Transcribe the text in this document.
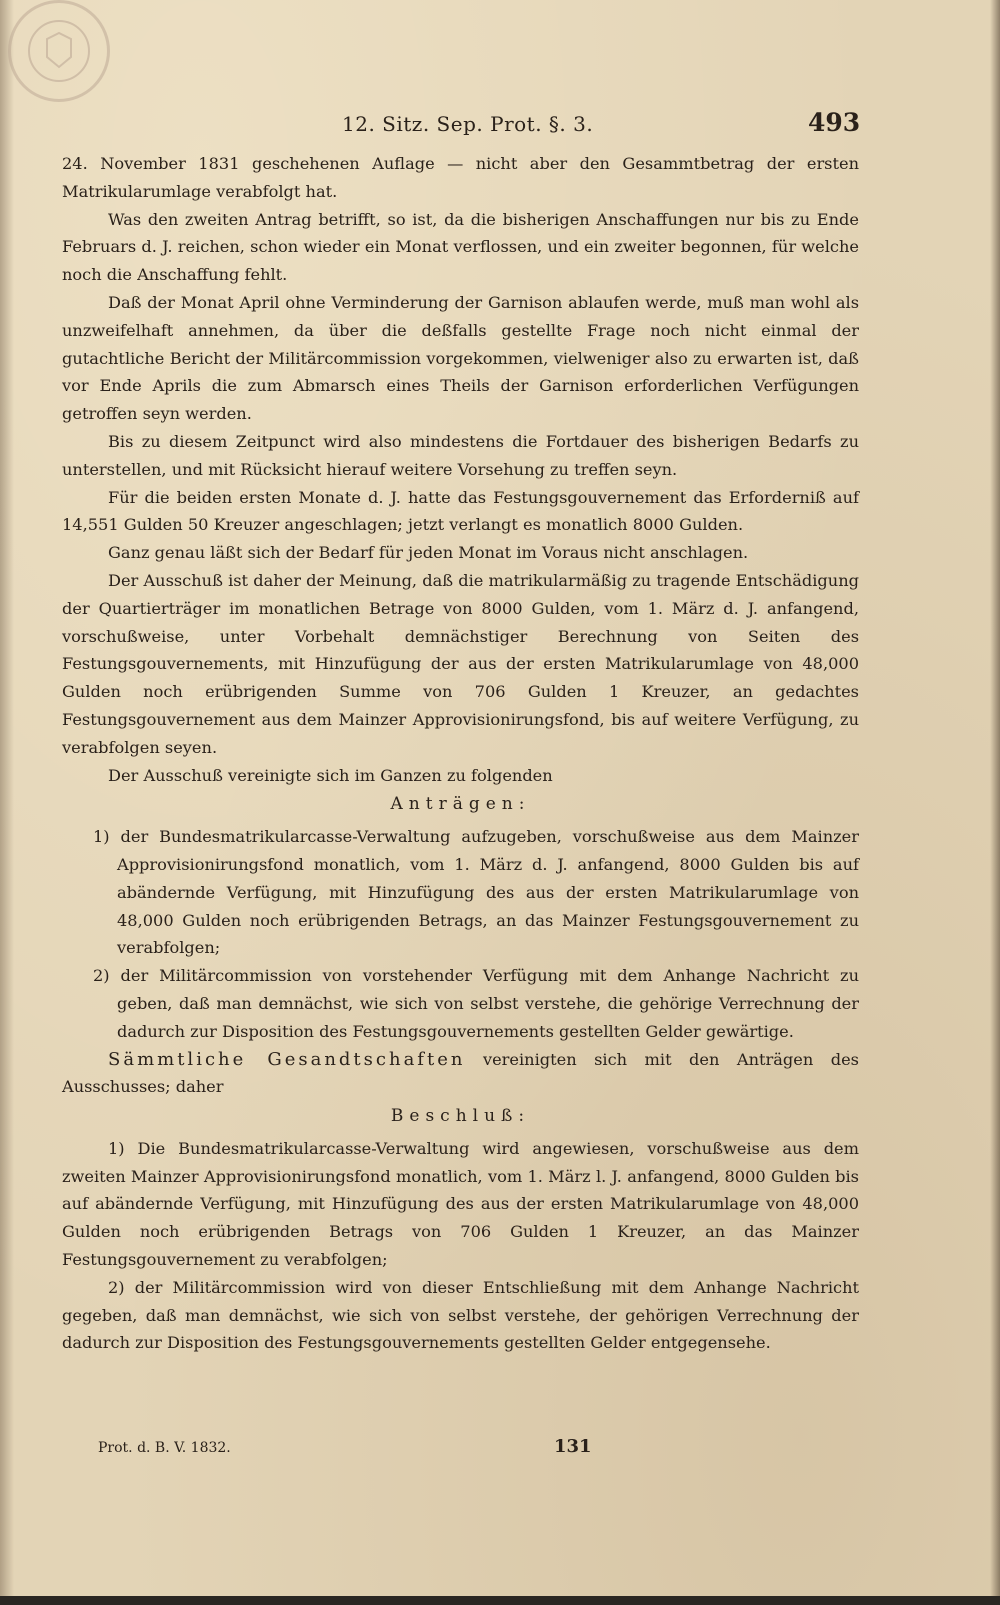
12. Sitz. Sep. Prot. §. 3.	493

24. November 1831 geschehenen Auflage — nicht aber den Gesammtbetrag der ersten Matrikularumlage verabfolgt hat.

Was den zweiten Antrag betrifft, so ist, da die bisherigen Anschaffungen nur bis zu Ende Februars d. J. reichen, schon wieder ein Monat verflossen, und ein zweiter begonnen, für welche noch die Anschaffung fehlt.

Daß der Monat April ohne Verminderung der Garnison ablaufen werde, muß man wohl als unzweifelhaft annehmen, da über die deßfalls gestellte Frage noch nicht einmal der gutachtliche Bericht der Militärcommission vorgekommen, vielweniger also zu erwarten ist, daß vor Ende Aprils die zum Abmarsch eines Theils der Garnison erforderlichen Verfügungen getroffen seyn werden.

Bis zu diesem Zeitpunct wird also mindestens die Fortdauer des bisherigen Bedarfs zu unterstellen, und mit Rücksicht hierauf weitere Vorsehung zu treffen seyn.

Für die beiden ersten Monate d. J. hatte das Festungsgouvernement das Erforderniß auf 14,551 Gulden 50 Kreuzer angeschlagen; jetzt verlangt es monatlich 8000 Gulden.

Ganz genau läßt sich der Bedarf für jeden Monat im Voraus nicht anschlagen.

Der Ausschuß ist daher der Meinung, daß die matrikularmäßig zu tragende Entschädigung der Quartierträger im monatlichen Betrage von 8000 Gulden, vom 1. März d. J. anfangend, vorschußweise, unter Vorbehalt demnächstiger Berechnung von Seiten des Festungsgouvernements, mit Hinzufügung der aus der ersten Matrikularumlage von 48,000 Gulden noch erübrigenden Summe von 706 Gulden 1 Kreuzer, an gedachtes Festungsgouvernement aus dem Mainzer Approvisionirungsfond, bis auf weitere Verfügung, zu verabfolgen seyen.

Der Ausschuß vereinigte sich im Ganzen zu folgenden

Anträgen:

1) der Bundesmatrikularcasse-Verwaltung aufzugeben, vorschußweise aus dem Mainzer Approvisionirungsfond monatlich, vom 1. März d. J. anfangend, 8000 Gulden bis auf abändernde Verfügung, mit Hinzufügung des aus der ersten Matrikularumlage von 48,000 Gulden noch erübrigenden Betrags, an das Mainzer Festungsgouvernement zu verabfolgen;

2) der Militärcommission von vorstehender Verfügung mit dem Anhange Nachricht zu geben, daß man demnächst, wie sich von selbst verstehe, die gehörige Verrechnung der dadurch zur Disposition des Festungsgouvernements gestellten Gelder gewärtige.

Sämmtliche Gesandtschaften vereinigten sich mit den Anträgen des Ausschusses; daher

Beschluß:

1) Die Bundesmatrikularcasse-Verwaltung wird angewiesen, vorschußweise aus dem zweiten Mainzer Approvisionirungsfond monatlich, vom 1. März l. J. anfangend, 8000 Gulden bis auf abändernde Verfügung, mit Hinzufügung des aus der ersten Matrikularumlage von 48,000 Gulden noch erübrigenden Betrags von 706 Gulden 1 Kreuzer, an das Mainzer Festungsgouvernement zu verabfolgen;

2) der Militärcommission wird von dieser Entschließung mit dem Anhange Nachricht gegeben, daß man demnächst, wie sich von selbst verstehe, der gehörigen Verrechnung der dadurch zur Disposition des Festungsgouvernements gestellten Gelder entgegensehe.

Prot. d. B. V. 1832.	131
